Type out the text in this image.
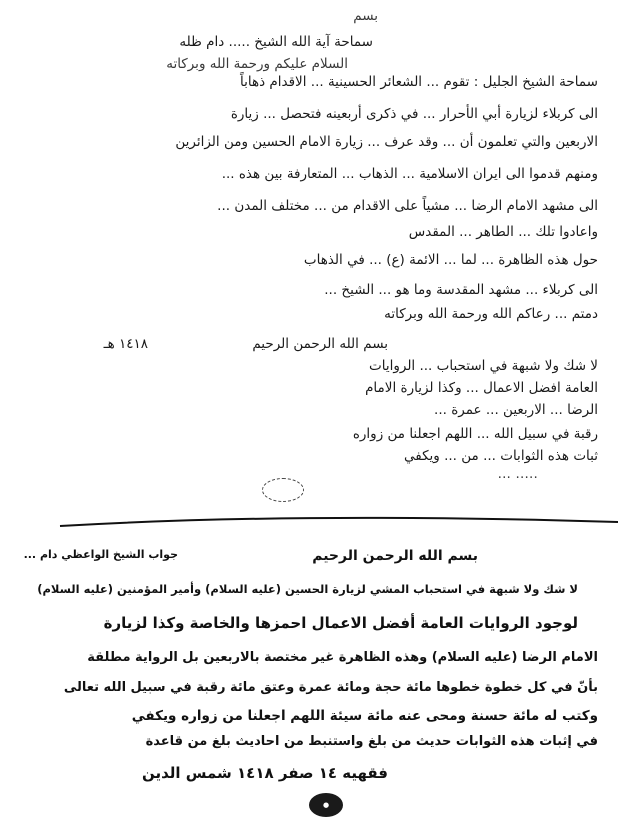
بسم
سماحة آية الله الشيخ ..... دام ظله
السلام عليكم ورحمة الله وبركاته
سماحة الشيخ الجليل : تقوم ... الشعائر الحسينية ... الاقدام ذهاباً
الى كربلاء لزيارة أبي الأحرار ... في ذكرى أربعينه فتحصل ... زيارة
الاربعين والتي تعلمون أن ... وقد عرف ... زيارة الامام الحسين ومن الزائرين
ومنهم قدموا الى ايران الاسلامية ... الذهاب ... المتعارفة بين هذه ...
الى مشهد الامام الرضا ... مشياً على الاقدام من ... مختلف المدن ...
واعادوا تلك ... الطاهر ... المقدس
حول هذه الظاهرة ... لما ... الائمة (ع) ... في الذهاب
الى كربلاء ... مشهد المقدسة وما هو ... الشيخ ...
دمتم ... رعاكم الله ورحمة الله وبركاته
بسم الله الرحمن الرحيم
١٤١٨ هـ
لا شك ولا شبهة في استحباب ... الروايات
العامة افضل الاعمال ... وكذا لزيارة الامام
الرضا ... الاربعين ... عمرة ...
رقبة في سبيل الله ... اللهم اجعلنا من زواره
ثبات هذه الثوابات ... من ... ويكفي
..... ...
جواب الشيخ الواعظي دام ...	بسم الله الرحمن الرحيم
لا شك ولا شبهة في استحباب المشي لزيارة الحسين (عليه السلام) وأمير المؤمنين (عليه السلام)
لوجود الروايات العامة أفضل الاعمال احمزها والخاصة وكذا لزيارة
الامام الرضا (عليه السلام) وهذه الظاهرة غير مختصة بالاربعين بل الرواية مطلقة
بأنّ في كل خطوة خطوها مائة حجة ومائة عمرة وعتق مائة رقبة في سبيل الله تعالى
وكتب له مائة حسنة ومحى عنه مائة سيئة اللهم اجعلنا من زواره ويكفي
في إثبات هذه الثوابات حديث من بلغ واستنبط من احاديث بلغ من قاعدة
فقهيه ١٤ صفر ١٤١٨ شمس الدين
●
